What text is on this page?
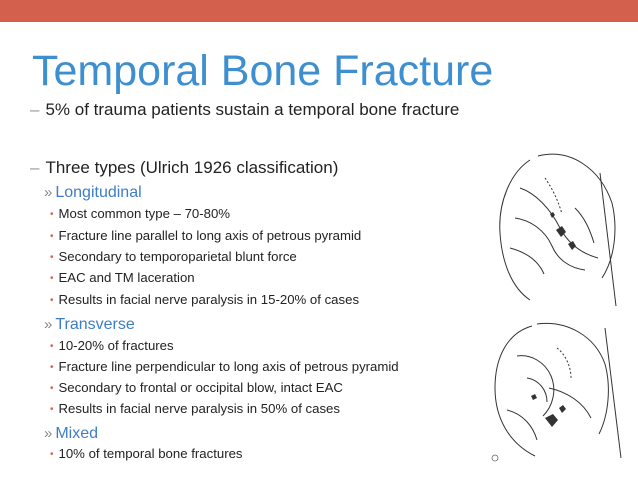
Temporal Bone Fracture
– 5% of trauma patients sustain a temporal bone fracture
– Three types (Ulrich 1926 classification)
» Longitudinal
• Most common type – 70-80%
• Fracture line parallel to long axis of petrous pyramid
• Secondary to temporoparietal blunt force
• EAC and TM laceration
• Results in facial nerve paralysis in 15-20% of cases
» Transverse
• 10-20% of fractures
• Fracture line perpendicular to long axis of petrous pyramid
• Secondary to frontal or occipital blow, intact EAC
• Results in facial nerve paralysis in 50% of cases
» Mixed
• 10% of temporal bone fractures
